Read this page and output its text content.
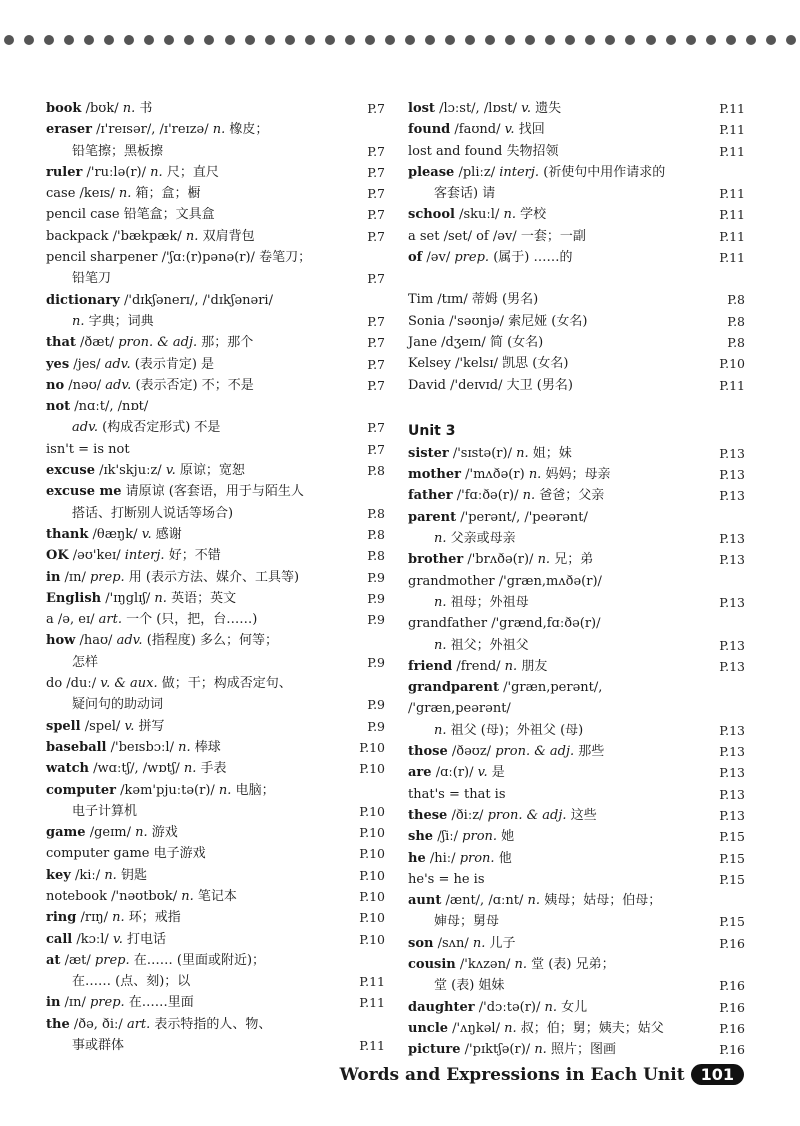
book /bʊk/ n. 书	P.7
eraser /ɪ'reɪsər/, /ɪ'reɪzə/ n. 橡皮；
铅笔擦；黑板擦	P.7
ruler /'ruːlə(r)/ n. 尺；直尺	P.7
case /keɪs/ n. 箱；盒；橱	P.7
pencil case 铅笔盒；文具盒	P.7
backpack /'bækpæk/ n. 双肩背包	P.7
pencil sharpener /'ʃɑː(r)pənə(r)/ 卷笔刀；
铅笔刀	P.7
dictionary /'dɪkʃənerɪ/, /'dɪkʃənəri/
n. 字典；词典	P.7
that /ðæt/ pron. & adj. 那；那个	P.7
yes /jes/ adv. (表示肯定) 是	P.7
no /nəʊ/ adv. (表示否定) 不；不是	P.7
not /nɑːt/, /nɒt/
adv. (构成否定形式) 不是	P.7
isn't = is not	P.7
excuse /ɪk'skjuːz/ v. 原谅；宽恕	P.8
excuse me 请原谅 (客套语，用于与陌生人
搭话、打断别人说话等场合)	P.8
thank /θæŋk/ v. 感谢	P.8
OK /əʊ'keɪ/ interj. 好；不错	P.8
in /ɪn/ prep. 用 (表示方法、媒介、工具等)	P.9
English /'ɪŋglɪʃ/ n. 英语；英文	P.9
a /ə, eɪ/ art. 一个 (只，把，台……)	P.9
how /haʊ/ adv. (指程度) 多么；何等；
怎样	P.9
do /duː/ v. & aux. 做；干；构成否定句、
疑问句的助动词	P.9
spell /spel/ v. 拼写	P.9
baseball /'beɪsbɔːl/ n. 棒球	P.10
watch /wɑːtʃ/, /wɒtʃ/ n. 手表	P.10
computer /kəm'pjuːtə(r)/ n. 电脑；
电子计算机	P.10
game /geɪm/ n. 游戏	P.10
computer game 电子游戏	P.10
key /kiː/ n. 钥匙	P.10
notebook /'nəʊtbʊk/ n. 笔记本	P.10
ring /rɪŋ/ n. 环；戒指	P.10
call /kɔːl/ v. 打电话	P.10
at /æt/ prep. 在…… (里面或附近)；
在…… (点、刻)；以	P.11
in /ɪn/ prep. 在……里面	P.11
the /ðə, ðiː/ art. 表示特指的人、物、
事或群体	P.11
lost /lɔːst/, /lɒst/ v. 遗失	P.11
found /faʊnd/ v. 找回	P.11
lost and found 失物招领	P.11
please /pliːz/ interj. (祈使句中用作请求的
客套话) 请	P.11
school /skuːl/ n. 学校	P.11
a set /set/ of /əv/ 一套；一副	P.11
of /əv/ prep. (属于) ……的	P.11
Tim /tɪm/ 蒂姆 (男名)	P.8
Sonia /'səʊnjə/ 索尼娅 (女名)	P.8
Jane /dʒeɪn/ 简 (女名)	P.8
Kelsey /'kelsɪ/ 凯思 (女名)	P.10
David /'deɪvɪd/ 大卫 (男名)	P.11
Unit 3
sister /'sɪstə(r)/ n. 姐；妹	P.13
mother /'mʌðə(r) n. 妈妈；母亲	P.13
father /'fɑːðə(r)/ n. 爸爸；父亲	P.13
parent /'perənt/, /'peərənt/
n. 父亲或母亲	P.13
brother /'brʌðə(r)/ n. 兄；弟	P.13
grandmother /'græn,mʌðə(r)/
n. 祖母；外祖母	P.13
grandfather /'grænd,fɑːðə(r)/
n. 祖父；外祖父	P.13
friend /frend/ n. 朋友	P.13
grandparent /'græn,perənt/, /'græn,peərənt/
n. 祖父 (母)；外祖父 (母)	P.13
those /ðəʊz/ pron. & adj. 那些	P.13
are /ɑː(r)/ v. 是	P.13
that's = that is	P.13
these /ðiːz/ pron. & adj. 这些	P.13
she /ʃiː/ pron. 她	P.15
he /hiː/ pron. 他	P.15
he's = he is	P.15
aunt /ænt/, /ɑːnt/ n. 姨母；姑母；伯母；
婶母；舅母	P.15
son /sʌn/ n. 儿子	P.16
cousin /'kʌzən/ n. 堂 (表) 兄弟；
堂 (表) 姐妹	P.16
daughter /'dɔːtə(r)/ n. 女儿	P.16
uncle /'ʌŋkəl/ n. 叔；伯；舅；姨夫；姑父	P.16
picture /'pɪktʃə(r)/ n. 照片；图画	P.16
Words and Expressions in Each Unit	101
